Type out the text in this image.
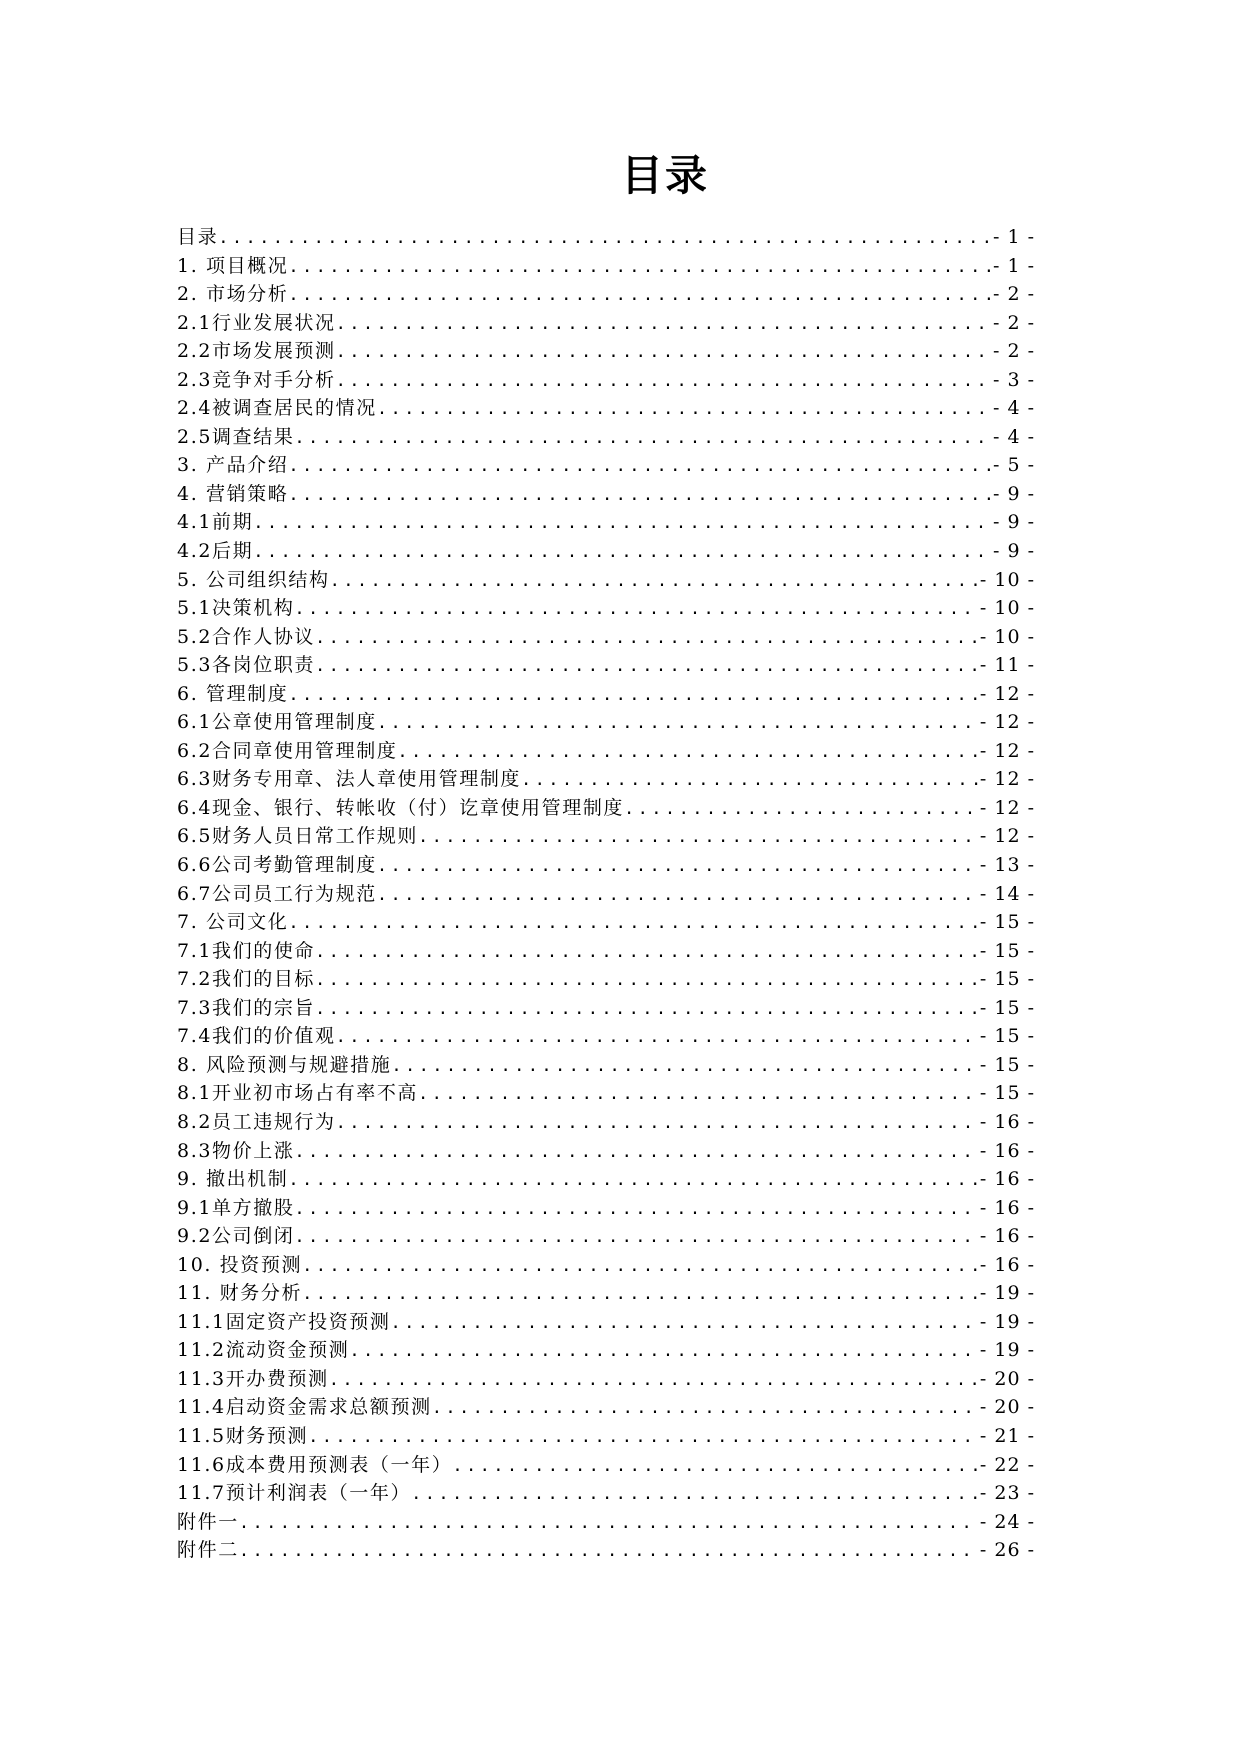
目录
目录 .....	- 1 -
1. 项目概况 .....	- 1 -
2. 市场分析 .....	- 2 -
2.1行业发展状况 .....	- 2 -
2.2市场发展预测 .....	- 2 -
2.3竞争对手分析 .....	- 3 -
2.4被调查居民的情况 .....	- 4 -
2.5调查结果 .....	- 4 -
3. 产品介绍 .....	- 5 -
4. 营销策略 .....	- 9 -
4.1前期 .....	- 9 -
4.2后期 .....	- 9 -
5. 公司组织结构 .....	- 10 -
5.1决策机构 .....	- 10 -
5.2合作人协议 .....	- 10 -
5.3各岗位职责 .....	- 11 -
6. 管理制度 .....	- 12 -
6.1公章使用管理制度 .....	- 12 -
6.2合同章使用管理制度 .....	- 12 -
6.3财务专用章、法人章使用管理制度 .....	- 12 -
6.4现金、银行、转帐收（付）讫章使用管理制度 .....	- 12 -
6.5财务人员日常工作规则 .....	- 12 -
6.6公司考勤管理制度 .....	- 13 -
6.7公司员工行为规范 .....	- 14 -
7. 公司文化 .....	- 15 -
7.1我们的使命 .....	- 15 -
7.2我们的目标 .....	- 15 -
7.3我们的宗旨 .....	- 15 -
7.4我们的价值观 .....	- 15 -
8. 风险预测与规避措施 .....	- 15 -
8.1开业初市场占有率不高 .....	- 15 -
8.2员工违规行为 .....	- 16 -
8.3物价上涨 .....	- 16 -
9. 撤出机制 .....	- 16 -
9.1单方撤股 .....	- 16 -
9.2公司倒闭 .....	- 16 -
10. 投资预测 .....	- 16 -
11. 财务分析 .....	- 19 -
11.1固定资产投资预测 .....	- 19 -
11.2流动资金预测 .....	- 19 -
11.3开办费预测 .....	- 20 -
11.4启动资金需求总额预测 .....	- 20 -
11.5财务预测 .....	- 21 -
11.6成本费用预测表（一年） .....	- 22 -
11.7预计利润表（一年） .....	- 23 -
附件一 .....	- 24 -
附件二 .....	- 26 -
